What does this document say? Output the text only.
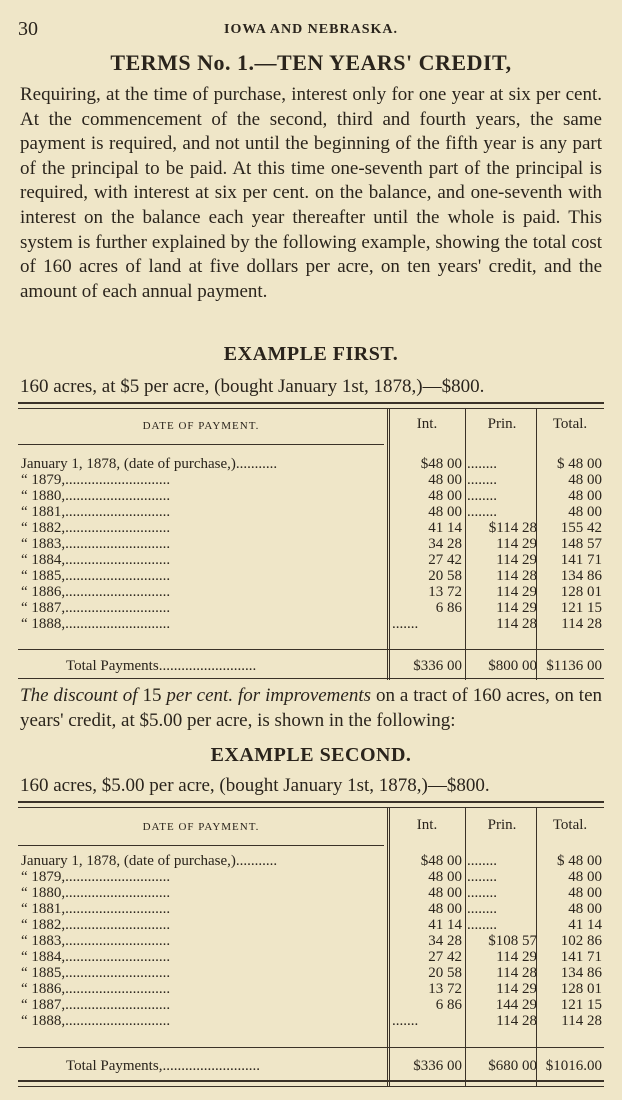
30	IOWA AND NEBRASKA.
TERMS No. 1.—TEN YEARS' CREDIT,
Requiring, at the time of purchase, interest only for one year at six per cent. At the commencement of the second, third and fourth years, the same payment is required, and not until the beginning of the fifth year is any part of the principal to be paid. At this time one-seventh part of the principal is required, with interest at six per cent. on the balance, and one-seventh with interest on the balance each year thereafter until the whole is paid. This system is further explained by the following example, showing the total cost of 160 acres of land at five dollars per acre, on ten years' credit, and the amount of each annual payment.
EXAMPLE FIRST.
160 acres, at $5 per acre, (bought January 1st, 1878,)—$800.
DATE OF PAYMENT.	Int.	Prin.	Total.
January 1, 1878, (date of purchase,)...........	$48 00 ........	$ 48 00
“ 1879,............................	48 00 ........	48 00
“ 1880,............................	48 00 ........	48 00
“ 1881,............................	48 00 ........	48 00
“ 1882,............................	41 14	$114 28	155 42
“ 1883,............................	34 28	114 29	148 57
“ 1884,............................	27 42	114 29	141 71
“ 1885,............................	20 58	114 28	134 86
“ 1886,............................	13 72	114 29	128 01
“ 1887,............................	6 86	114 29	121 15
“ 1888,............................	.......	114 28	114 28
Total Payments..........................	$336 00	$800 00 $1136 00
The discount of 15 per cent. for improvements on a tract of 160 acres, on ten years' credit, at $5.00 per acre, is shown in the following:
EXAMPLE SECOND.
160 acres, $5.00 per acre, (bought January 1st, 1878,)—$800.
DATE OF PAYMENT.	Int.	Prin.	Total.
January 1, 1878, (date of purchase,)...........	$48 00 ........	$ 48 00
“ 1879,............................	48 00 ........	48 00
“ 1880,............................	48 00 ........	48 00
“ 1881,............................	48 00 ........	48 00
“ 1882,............................	41 14 ........	41 14
“ 1883,............................	34 28	$108 57	102 86
“ 1884,............................	27 42	114 29	141 71
“ 1885,............................	20 58	114 28	134 86
“ 1886,............................	13 72	114 29	128 01
“ 1887,............................	6 86	144 29	121 15
“ 1888,............................	.......	114 28	114 28
Total Payments,..........................	$336 00	$680 00 $1016.00
